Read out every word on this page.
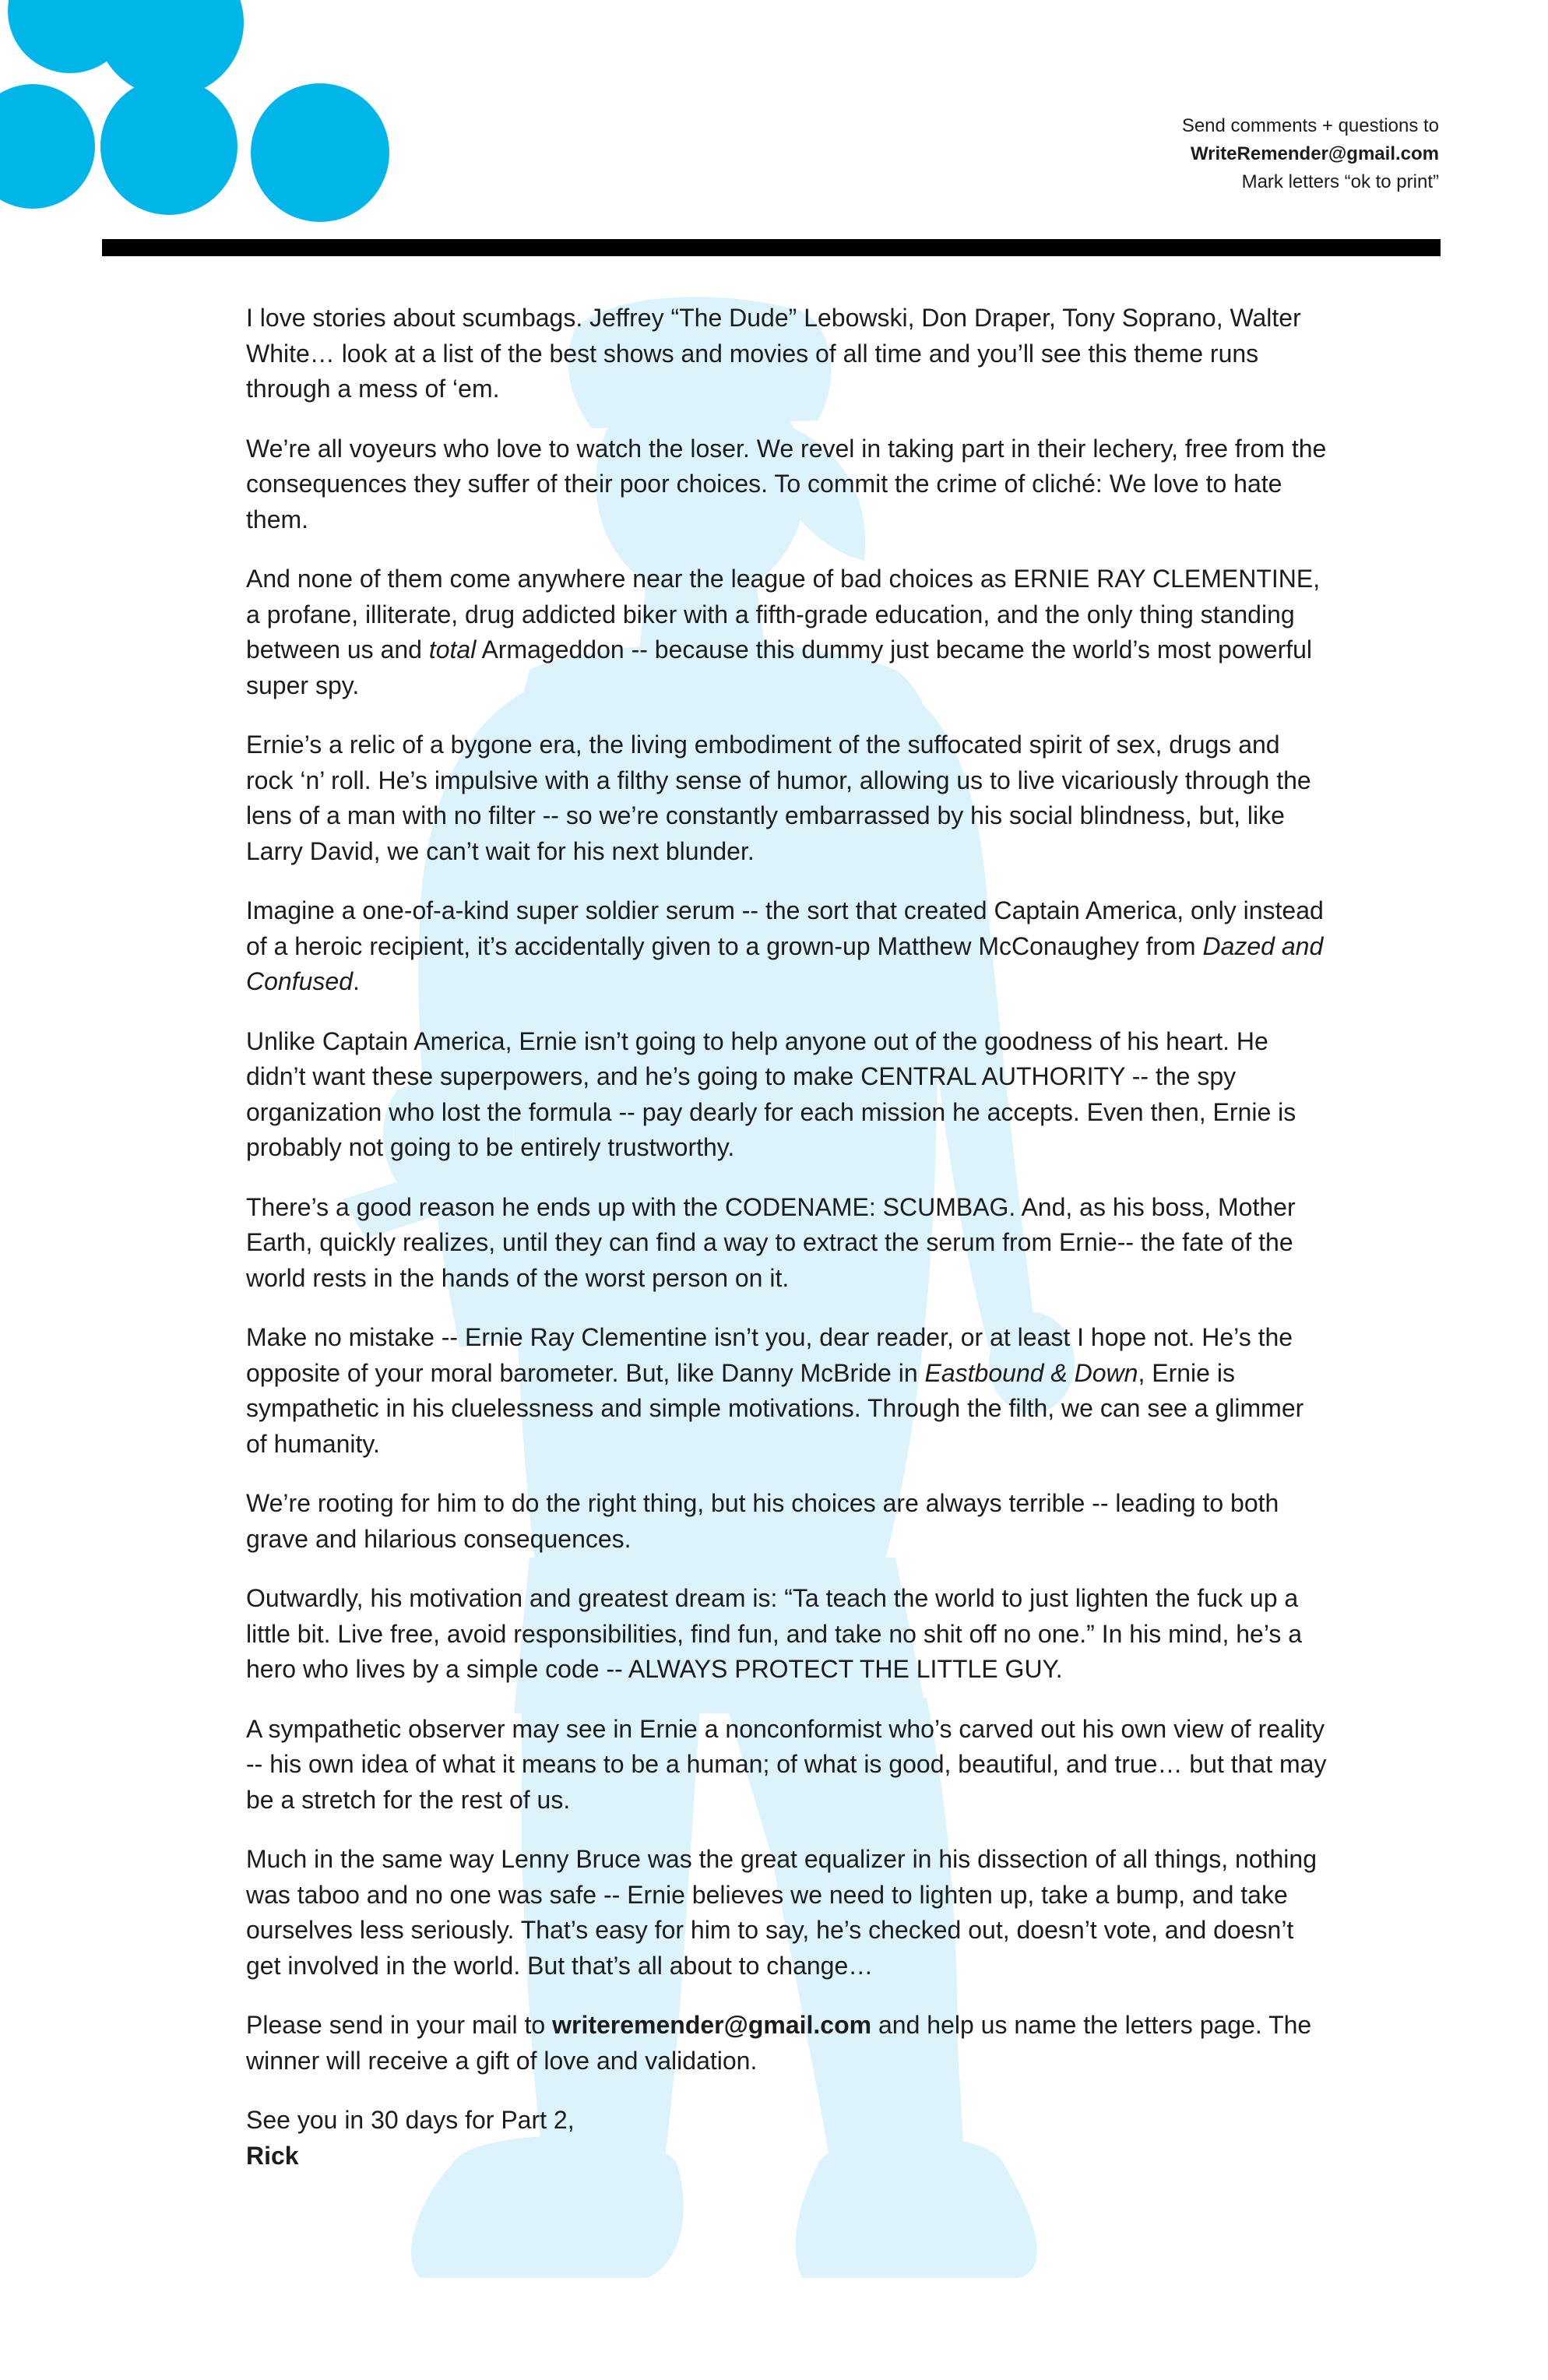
Send comments + questions to
WriteRemender@gmail.com
Mark letters “ok to print”

I love stories about scumbags. Jeffrey “The Dude” Lebowski, Don Draper, Tony Soprano, Walter White… look at a list of the best shows and movies of all time and you’ll see this theme runs through a mess of ‘em.

We’re all voyeurs who love to watch the loser. We revel in taking part in their lechery, free from the consequences they suffer of their poor choices. To commit the crime of cliché: We love to hate them.

And none of them come anywhere near the league of bad choices as ERNIE RAY CLEMENTINE, a profane, illiterate, drug addicted biker with a fifth-grade education, and the only thing standing between us and total Armageddon -- because this dummy just became the world’s most powerful super spy.

Ernie’s a relic of a bygone era, the living embodiment of the suffocated spirit of sex, drugs and rock ‘n’ roll. He’s impulsive with a filthy sense of humor, allowing us to live vicariously through the lens of a man with no filter -- so we’re constantly embarrassed by his social blindness, but, like Larry David, we can’t wait for his next blunder.

Imagine a one-of-a-kind super soldier serum -- the sort that created Captain America, only instead of a heroic recipient, it’s accidentally given to a grown-up Matthew McConaughey from Dazed and Confused.

Unlike Captain America, Ernie isn’t going to help anyone out of the goodness of his heart. He didn’t want these superpowers, and he’s going to make CENTRAL AUTHORITY -- the spy organization who lost the formula -- pay dearly for each mission he accepts. Even then, Ernie is probably not going to be entirely trustworthy.

There’s a good reason he ends up with the CODENAME: SCUMBAG. And, as his boss, Mother Earth, quickly realizes, until they can find a way to extract the serum from Ernie-- the fate of the world rests in the hands of the worst person on it.

Make no mistake -- Ernie Ray Clementine isn’t you, dear reader, or at least I hope not. He’s the opposite of your moral barometer. But, like Danny McBride in Eastbound & Down, Ernie is sympathetic in his cluelessness and simple motivations. Through the filth, we can see a glimmer of humanity.

We’re rooting for him to do the right thing, but his choices are always terrible -- leading to both grave and hilarious consequences.

Outwardly, his motivation and greatest dream is: “Ta teach the world to just lighten the fuck up a little bit. Live free, avoid responsibilities, find fun, and take no shit off no one.” In his mind, he’s a hero who lives by a simple code -- ALWAYS PROTECT THE LITTLE GUY.

A sympathetic observer may see in Ernie a nonconformist who’s carved out his own view of reality -- his own idea of what it means to be a human; of what is good, beautiful, and true… but that may be a stretch for the rest of us.

Much in the same way Lenny Bruce was the great equalizer in his dissection of all things, nothing was taboo and no one was safe -- Ernie believes we need to lighten up, take a bump, and take ourselves less seriously. That’s easy for him to say, he’s checked out, doesn’t vote, and doesn’t get involved in the world. But that’s all about to change…

Please send in your mail to writeremender@gmail.com and help us name the letters page. The winner will receive a gift of love and validation.

See you in 30 days for Part 2,
Rick
